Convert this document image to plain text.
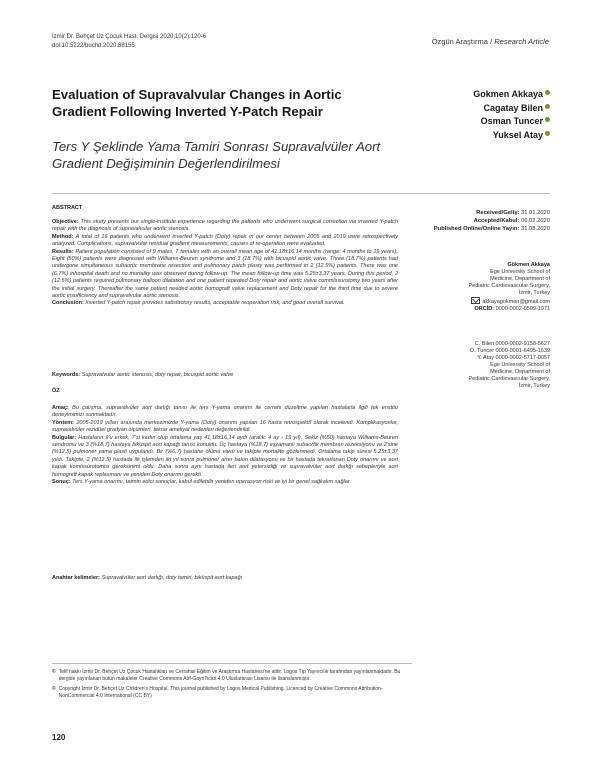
İzmir Dr. Behçet Uz Çocuk Hast. Dergisi 2020;10(2):120-6
doi:10.5222/buchd.2020.88155	Özgün Araştırma / Research Article
Evaluation of Supravalvular Changes in Aortic Gradient Following Inverted Y-Patch Repair
Ters Y Şeklinde Yama Tamiri Sonrası Supravalvüler Aort Gradient Değişiminin Değerlendirilmesi
Gokmen Akkaya
Cagatay Bilen
Osman Tuncer
Yuksel Atay
ABSTRACT
Objective: This study presents our single-institute experience regarding the patients who underwent surgical correction via inverted Y-patch repair with the diagnosis of supravalvular aortic stenosis.
Method: A total of 16 patients who underwent inverted Y-patch (Doty) repair in our center between 2005 and 2019 were retrospectively analyzed. Complications, supravalvular residual gradient measurements, causes of re-operation were evaluated.
Results: Patient population consisted of 9 males, 7 females with an overall mean age of 41.18±16.14 months (range: 4 months to 19 years). Eight (50%) patients were diagnosed with Williams-Beuren syndrome and 3 (18.7%) with bicuspid aortic valve. Three (18.7%) patients had undergone simultaneous subaortic membrane resection and pulmonary patch plasty was performed in 2 (12.5%) patients. There was one (6.7%) inhospital death and no mortality was observed during follow-up. The mean follow-up time was 5.25±3.37 years. During this period, 2 (12.5%) patients required pulmonary balloon dilatation and one patient repeated Doty repair and aortic valve commissurotomy two years after the initial surgery. Thereafter the same patient needed aortic homograft valve replacement and Doty repair for the third time due to severe aortic insufficiency and supravalvular aortic stenosis.
Conclusion: Inverted Y-patch repair provides satisfactory results, acceptable reoperation risk, and good overall survival.
Keywords: Supravalvular aortic stenosis, doty repair, bicuspid aortic valve
ÖZ
Amaç: Bu çalışma, supravalvüler aort darlığı tanısı ile ters Y-yama onarımı ile cerrahi düzeltme yapılan hastalarla ilgili tek enstitü deneyimimizi sunmaktadır.
Yöntem: 2005-2019 yılları arasında merkezimizde Y-yama (Doty) onarımı yapılan 16 hasta retrospektif olarak incelendi. Komplikasyonlar, supravalvüler rezidüel gradyan ölçümleri, tekrar ameliyat nedenleri değerlendirildi.
Bulgular: Hastaların 9'u erkek, 7'si kadın olup ortalama yaş 41,18±16,14 aydı (aralık: 4 ay - 19 yıl). Sekiz (%50) hastaya Williams-Beuren sendromu ve 3 (%18,7) hastaya biküspit aort kapağı tanısı konuldu. Üç hastaya (%18,7) eşzamanlı subaortik membran rezeksiyonu ve 2'sine (%12,5) pulmoner yama plasti uygulandı. Bir (%6,7) hastane ölümü vardı ve takipte mortalite gözlenmedi. Ortalama takip süresi 5,25±3,37 yıldı. Takipte, 2 (%12,5) hastada ilk işlemden iki yıl sonra pulmoner arter balon dilatasyonu ve bir hastada tekrarlanan Doty onarımı ve aort kapak komissürotomisi gereksinimi oldu. Daha sonra aynı hastada ileri aort yetersizliği ve supravalvüler aort darlığı sebepleriyle aort homogreft kapak replasmanı ve yeniden Doty onarımı gerekti.
Sonuç: Ters Y-yama onarımı, tatmin edici sonuçlar, kabul edilebilir yeniden operasyon riski ve iyi bir genel sağkalım sağlar.
Anahtar kelimeler: Supravalvüler aort darlığı, doty tamiri, biküspit aort kapağı
Received/Geliş: 31.01.2020
Accepted/Kabul: 06.02.2020
Published Online/Online Yayın: 31.08.2020
Gökmen Akkaya
Ege University School of
Medicine, Department of
Pediatric Cardiovascular Surgery,
İzmir, Turkey
akkayagokmen@gmail.com
ORCİD: 0000-0002-0509-1971
C. Bilen 0000-0002-9158-5627
O. Tuncer 0000-0001-6495-1639
Y. Atay 0000-0002-5717-0057
Ege University School of
Medicine, Department of
Pediatric Cardiovascular Surgery,
İzmir, Turkey
© Telif hakkı İzmir Dr. Behçet Uz Çocuk Hastalıkları ve Cerrahisi Eğitim ve Araştırma Hastanesi'ne aittir. Logos Tıp Yayıncılık tarafından yayınlanmaktadır. Bu dergide yayınlanan bütün makaleler Creative Commons Atıf-GayriTicari 4.0 Uluslararası Lisansı ile lisanslanmıştır.
© Copyright İzmir Dr. Behçet Uz Children's Hospital. This journal published by Logos Medical Publishing. Licenced by Creative Commons Attribution-NonCommercial 4.0 International (CC BY)
120
